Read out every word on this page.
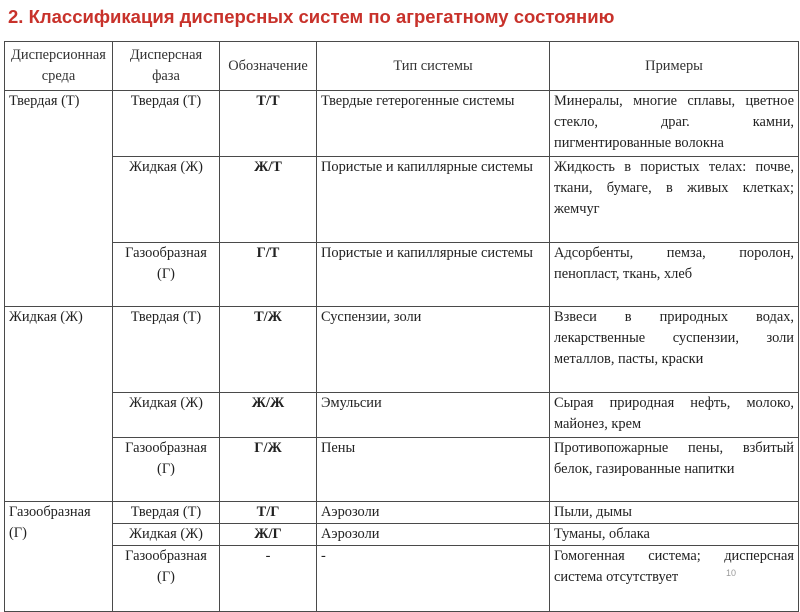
2. Классификация дисперсных систем по агрегатному состоянию
Дисперсионная среда	Дисперсная фаза	Обозначение	Тип системы	Примеры
Твердая (Т)	Твердая (Т)	Т/Т	Твердые гетерогенные системы	Минералы, многие сплавы, цветное стекло, драг. камни, пигментированные волокна
	Жидкая (Ж)	Ж/Т	Пористые и капиллярные системы	Жидкость в пористых телах: почве, ткани, бумаге, в живых клетках; жемчуг
	Газообразная (Г)	Г/Т	Пористые и капиллярные системы	Адсорбенты, пемза, поролон, пенопласт, ткань, хлеб
Жидкая (Ж)	Твердая (Т)	Т/Ж	Суспензии, золи	Взвеси в природных водах, лекарственные суспензии, золи металлов, пасты, краски
	Жидкая (Ж)	Ж/Ж	Эмульсии	Сырая природная нефть, молоко, майонез, крем
	Газообразная (Г)	Г/Ж	Пены	Противопожарные пены, взбитый белок, газированные напитки
Газообразная (Г)	Твердая (Т)	Т/Г	Аэрозоли	Пыли, дымы
	Жидкая (Ж)	Ж/Г	Аэрозоли	Туманы, облака
	Газообразная (Г)	-	-	Гомогенная система; дисперсная система отсутствует	10
